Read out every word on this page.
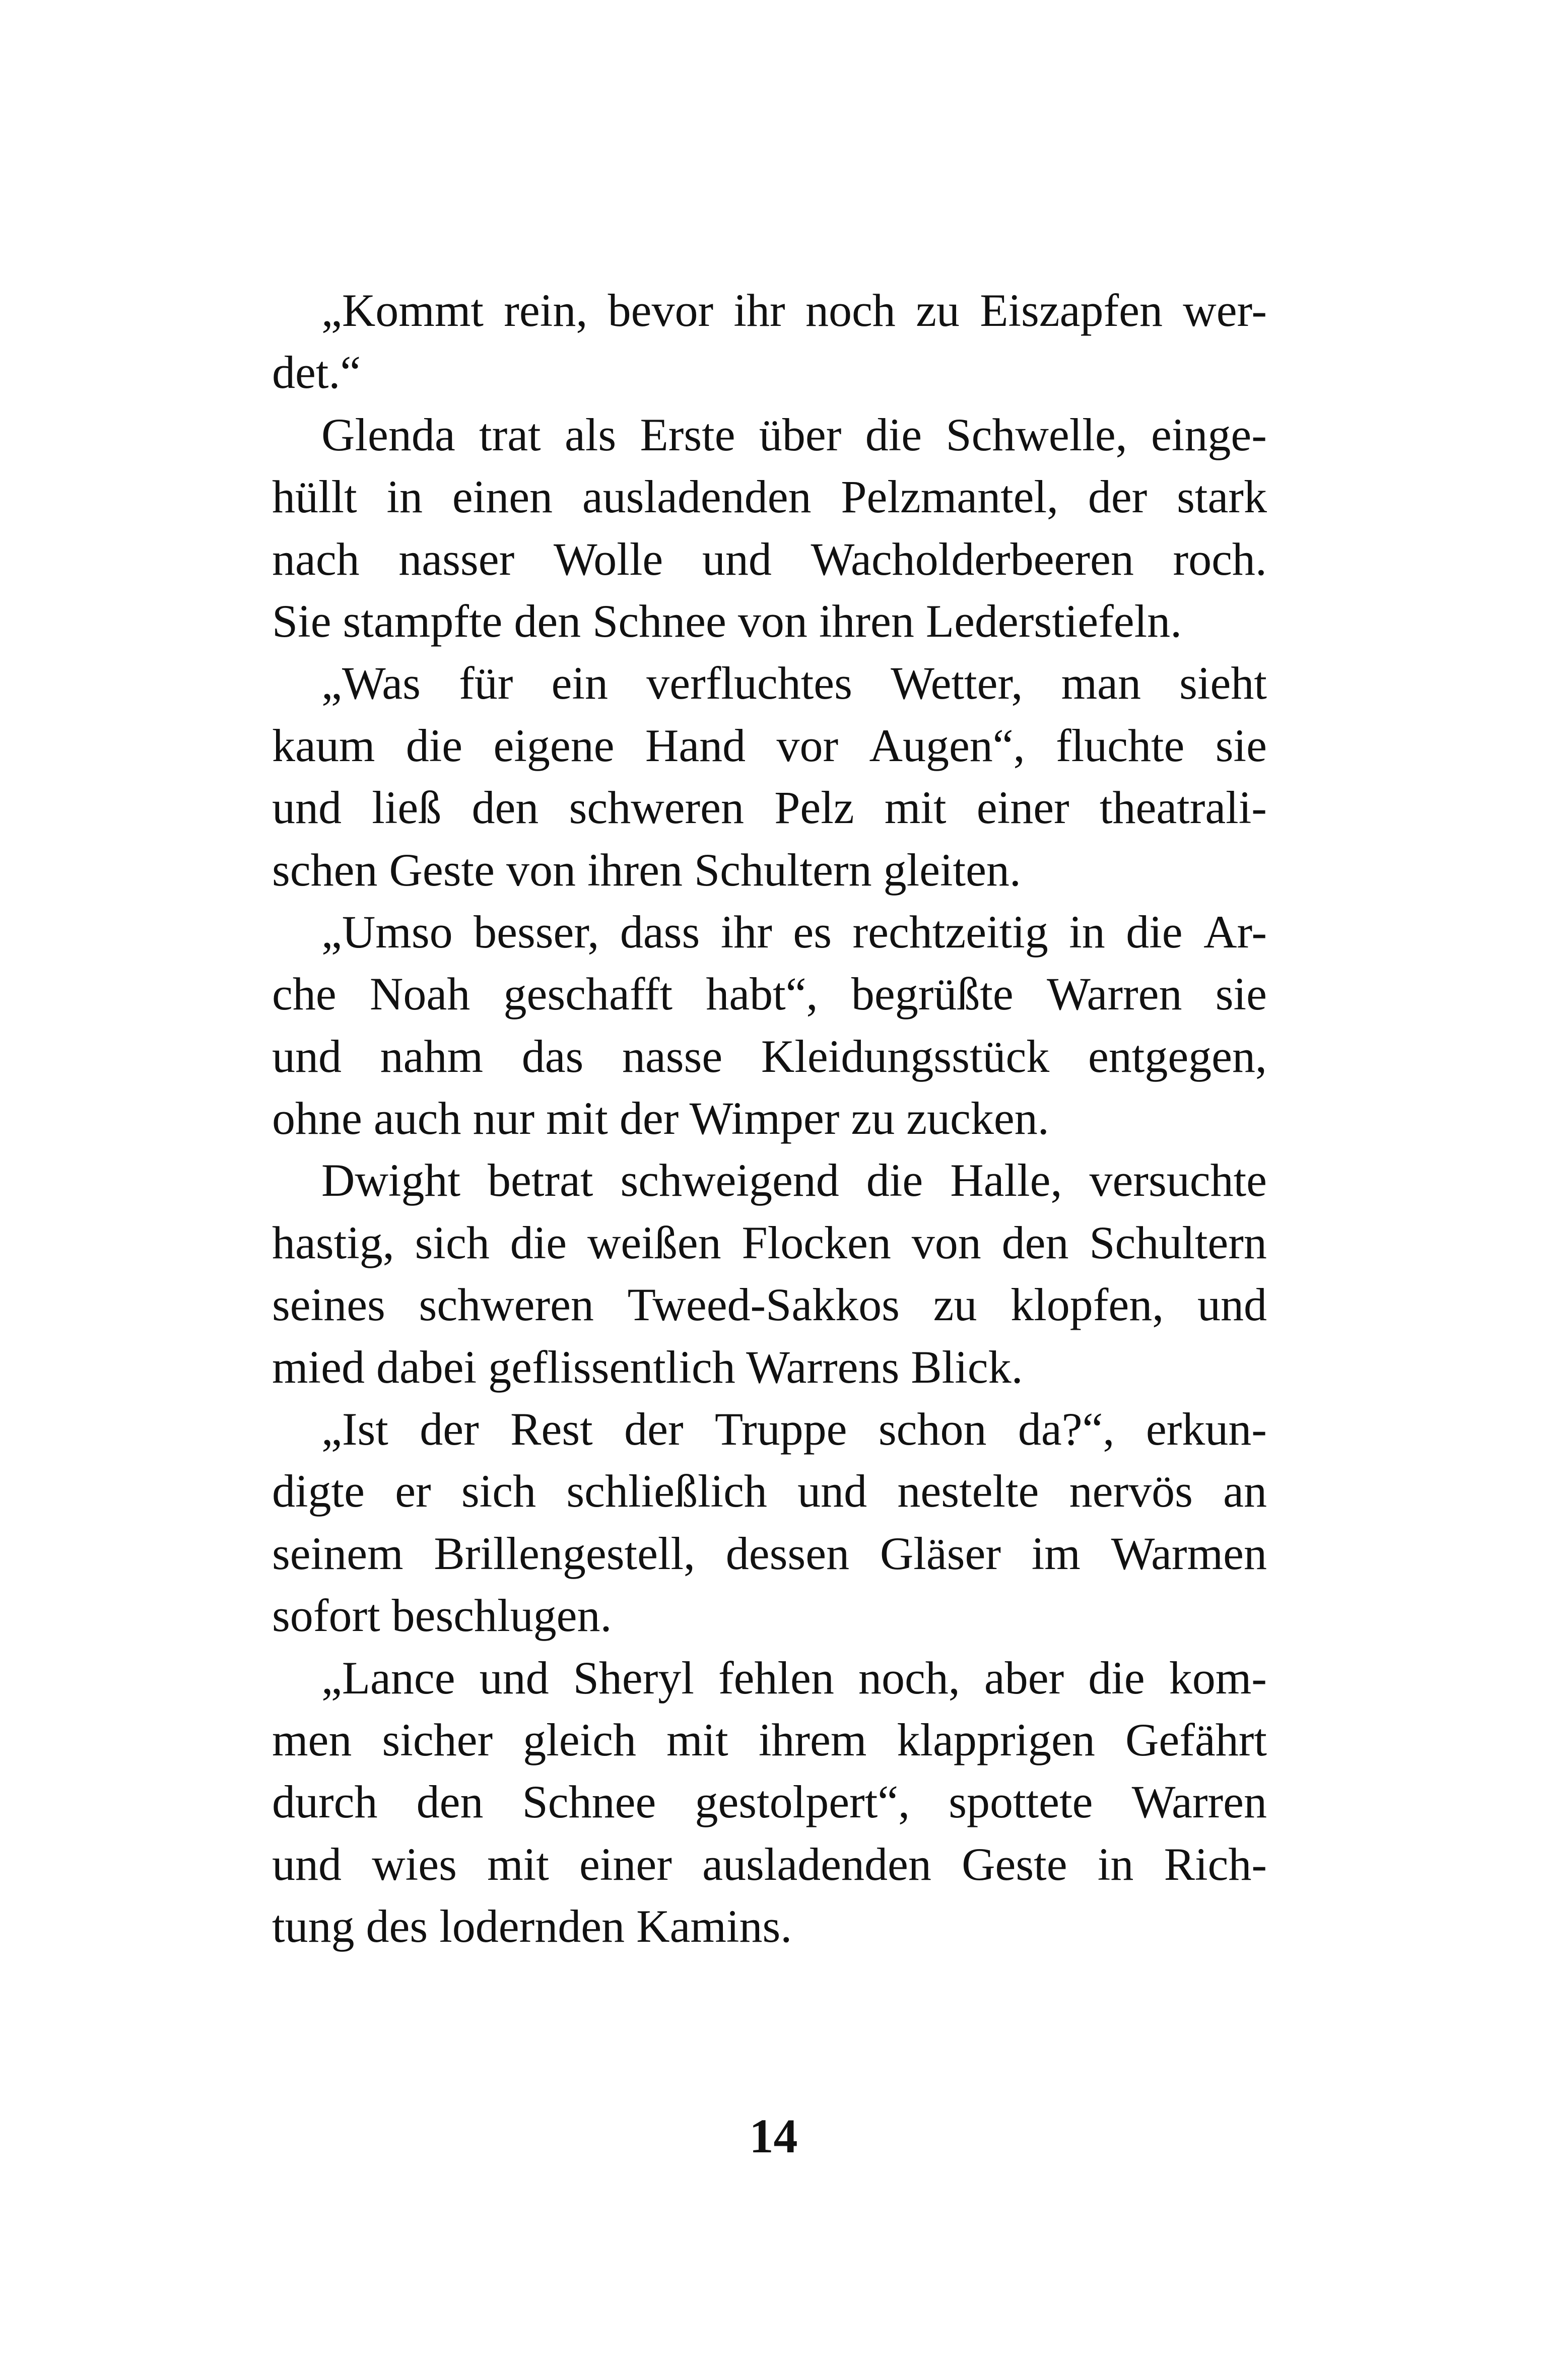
„Kommt rein, bevor ihr noch zu Eiszapfen wer-
det.“
Glenda trat als Erste über die Schwelle, einge-
hüllt in einen ausladenden Pelzmantel, der stark
nach nasser Wolle und Wacholderbeeren roch.
Sie stampfte den Schnee von ihren Lederstiefeln.
„Was für ein verfluchtes Wetter, man sieht
kaum die eigene Hand vor Augen“, fluchte sie
und ließ den schweren Pelz mit einer theatrali-
schen Geste von ihren Schultern gleiten.
„Umso besser, dass ihr es rechtzeitig in die Ar-
che Noah geschafft habt“, begrüßte Warren sie
und nahm das nasse Kleidungsstück entgegen,
ohne auch nur mit der Wimper zu zucken.
Dwight betrat schweigend die Halle, versuchte
hastig, sich die weißen Flocken von den Schultern
seines schweren Tweed-Sakkos zu klopfen, und
mied dabei geflissentlich Warrens Blick.
„Ist der Rest der Truppe schon da?“, erkun-
digte er sich schließlich und nestelte nervös an
seinem Brillengestell, dessen Gläser im Warmen
sofort beschlugen.
„Lance und Sheryl fehlen noch, aber die kom-
men sicher gleich mit ihrem klapprigen Gefährt
durch den Schnee gestolpert“, spottete Warren
und wies mit einer ausladenden Geste in Rich-
tung des lodernden Kamins.
14
